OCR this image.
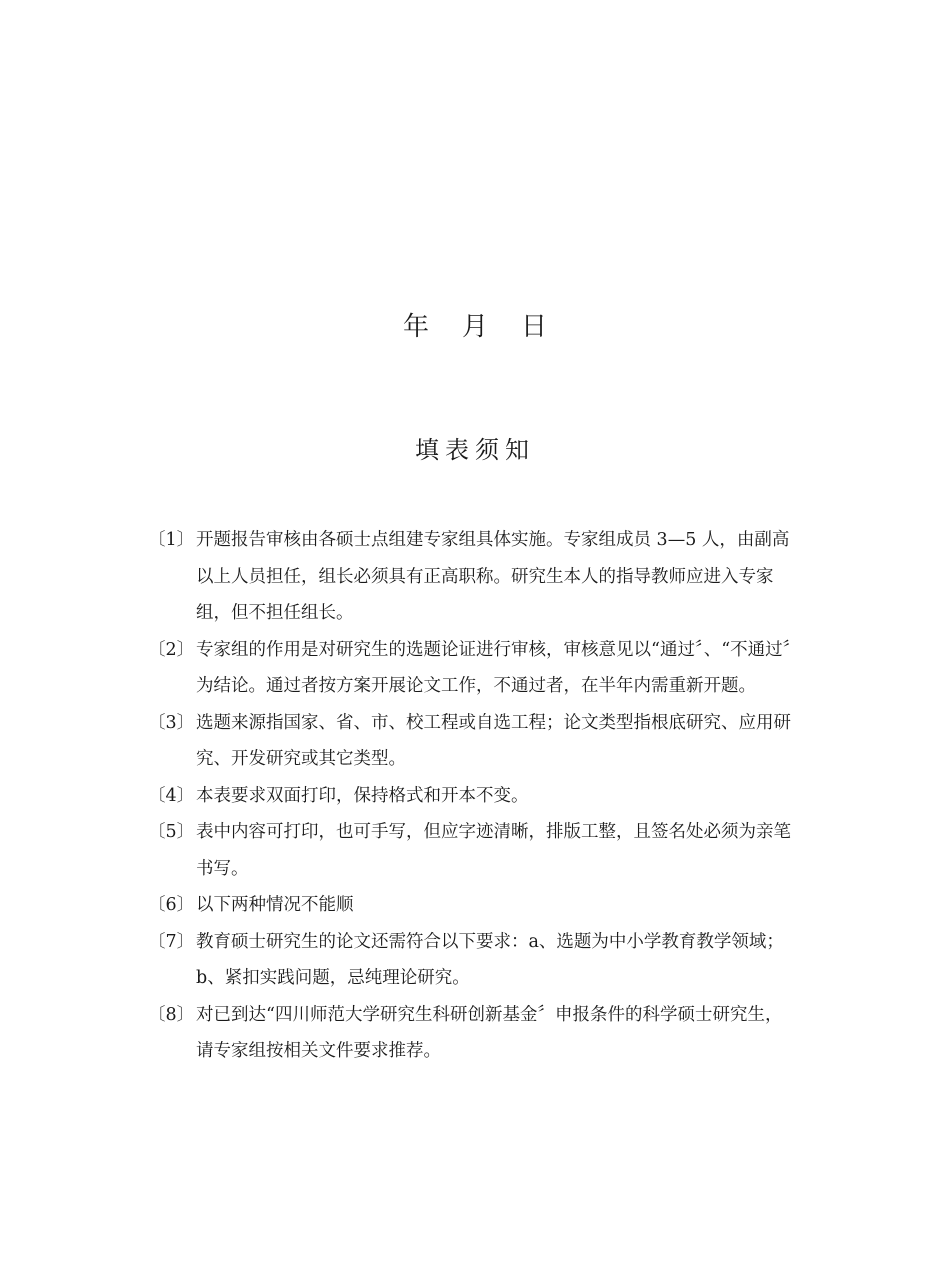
年    月    日
填表须知
〔1〕 开题报告审核由各硕士点组建专家组具体实施。专家组成员 3—5 人，由副高以上人员担任，组长必须具有正高职称。研究生本人的指导教师应进入专家组，但不担任组长。
〔2〕 专家组的作用是对研究生的选题论证进行审核，审核意见以“通过〞、“不通过〞为结论。通过者按方案开展论文工作，不通过者，在半年内需重新开题。
〔3〕 选题来源指国家、省、市、校工程或自选工程；论文类型指根底研究、应用研究、开发研究或其它类型。
〔4〕 本表要求双面打印，保持格式和开本不变。
〔5〕 表中内容可打印，也可手写，但应字迹清晰，排版工整，且签名处必须为亲笔书写。
〔6〕 以下两种情况不能顺
〔7〕 教育硕士研究生的论文还需符合以下要求：a、选题为中小学教育教学领域；b、紧扣实践问题，忌纯理论研究。
〔8〕 对已到达“四川师范大学研究生科研创新基金〞申报条件的科学硕士研究生，请专家组按相关文件要求推荐。
